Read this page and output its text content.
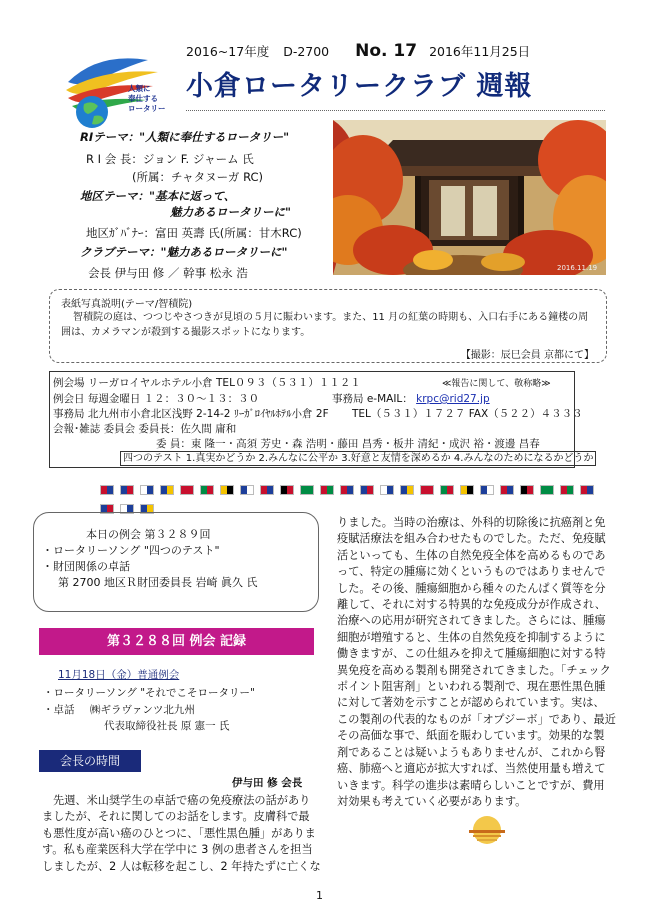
人類に
奉仕する
ロータリー
2016~17年度 D-2700 No. 17 2016年11月25日
小倉ロータリークラブ 週報
RIテーマ："人類に奉仕するロータリー"
R I 会 長：ジョン F. ジャーム 氏
(所属：チャタヌーガ RC)
地区テーマ："基本に返って、
魅力あるロータリーに"
地区ｶﾞﾊﾞﾅｰ：富田 英壽 氏(所属：甘木RC)
クラブテーマ："魅力あるロータリーに"
会長 伊与田 修 ／ 幹事 松永 浩	2016.11.19
表紙写真説明(テーマ/智積院)
智積院の庭は、つつじやさつきが見頃の５月に賑わいます。また、11 月の紅葉の時期も、入口右手にある鐘楼の周囲は、カメラマンが殺到する撮影スポットになります。
【撮影：辰巳会員 京都にて】
例会場 リーガロイヤルホテル小倉 TEL０９３（５３１）１１２１	≪報告に関して、敬称略≫
例会日 毎週金曜日 １２：３０～１３：３０	事務局 e-MAIL： krpc@rid27.jp
事務局 北九州市小倉北区浅野 2-14-2 ﾘｰｶﾞﾛｲﾔﾙﾎﾃﾙ小倉 2F TEL（５３１）１７２７ FAX（５２２）４３３３
会報･雑誌 委員会 委員長：佐久間 庸和
委 員：東 隆一・高須 芳史・森 浩明・藤田 昌秀・板井 清紀・成沢 裕・渡邊 昌春
四つのテスト 1.真実かどうか 2.みんなに公平か 3.好意と友情を深めるか 4.みんなのためになるかどうか
本日の例会 第３２８９回
・ロータリーソング "四つのテスト"
・財団関係の卓話
第 2700 地区Ｒ財団委員長 岩崎 眞久 氏
第３２８８回 例会 記録
11月18日（金）普通例会
・ロータリーソング "それでこそロータリー"
・卓話 ㈱ギラヴァンツ北九州
代表取締役社長 原 憲一 氏
会長の時間
伊与田 修 会長
先週、米山奨学生の卓話で癌の免疫療法の話があり
ましたが、それに関してのお話をします。皮膚科で最
も悪性度が高い癌のひとつに、「悪性黒色腫」がありま
す。私も産業医科大学在学中に 3 例の患者さんを担当
しましたが、2 人は転移を起こし、2 年持たずに亡くな
りました。当時の治療は、外科的切除後に抗癌剤と免
疫賦活療法を組み合わせたものでした。ただ、免疫賦
活といっても、生体の自然免疫全体を高めるものであ
って、特定の腫瘍に効くというものではありませんで
した。その後、腫瘍細胞から種々のたんぱく質等を分
離して、それに対する特異的な免疫成分が作成され、
治療への応用が研究されてきました。さらには、腫瘍
細胞が増殖すると、生体の自然免疫を抑制するように
働きますが、この仕組みを抑えて腫瘍細胞に対する特
異免疫を高める製剤も開発されてきました。「チェック
ポイント阻害剤」といわれる製剤で、現在悪性黒色腫
に対して著効を示すことが認められています。実は、
この製剤の代表的なものが「オプジーボ」であり、最近
その高価な事で、紙面を賑わしています。効果的な製
剤であることは疑いようもありませんが、これから腎
癌、肺癌へと適応が拡大すれば、当然使用量も増えて
いきます。科学の進歩は素晴らしいことですが、費用
対効果も考えていく必要があります。
1
